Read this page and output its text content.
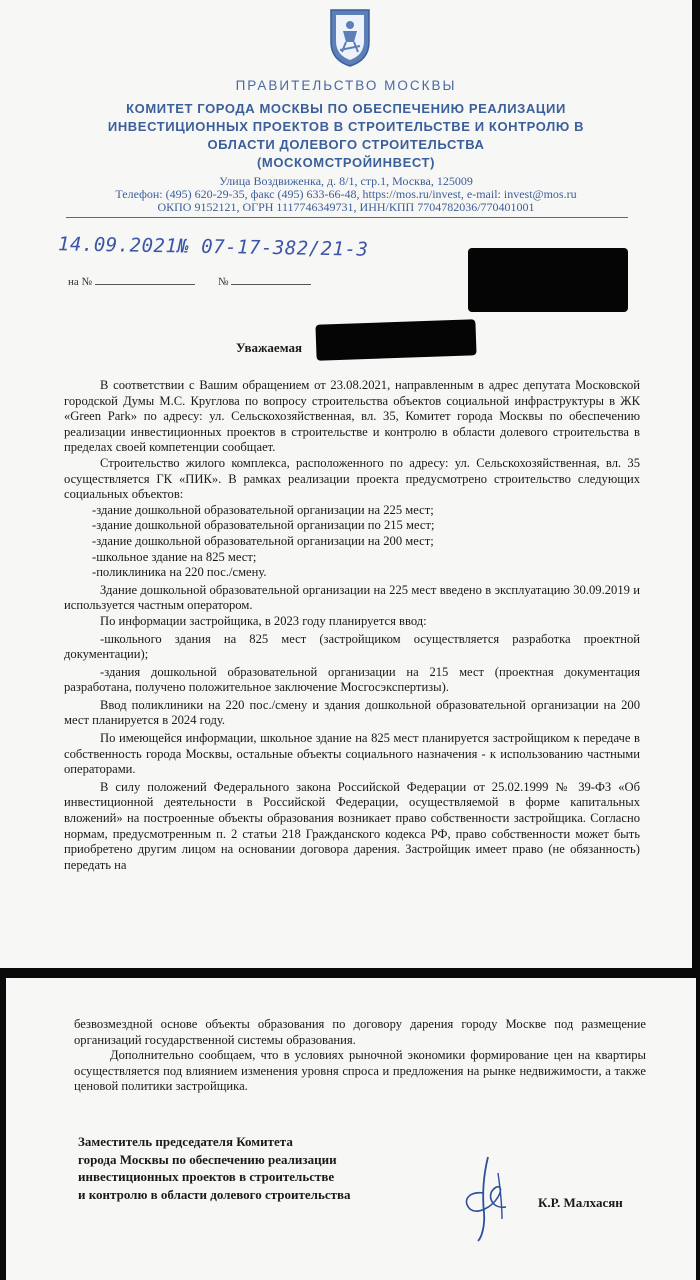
ПРАВИТЕЛЬСТВО МОСКВЫ
КОМИТЕТ ГОРОДА МОСКВЫ ПО ОБЕСПЕЧЕНИЮ РЕАЛИЗАЦИИ
ИНВЕСТИЦИОННЫХ ПРОЕКТОВ В СТРОИТЕЛЬСТВЕ И КОНТРОЛЮ В
ОБЛАСТИ ДОЛЕВОГО СТРОИТЕЛЬСТВА
(МОСКОМСТРОЙИНВЕСТ)
Улица Воздвиженка, д. 8/1, стр.1, Москва, 125009
Телефон: (495) 620-29-35, факс (495) 633-66-48, https://mos.ru/invest, e-mail: invest@mos.ru
ОКПО 9152121, ОГРН 1117746349731, ИНН/КПП 7704782036/770401001
14.09.2021№ 07-17-382/21-3
на №	№
Уважаемая

В соответствии с Вашим обращением от 23.08.2021, направленным в адрес депутата Московской городской Думы М.С. Круглова по вопросу строительства объектов социальной инфраструктуры в ЖК «Green Park» по адресу: ул. Сельскохозяйственная, вл. 35, Комитет города Москвы по обеспечению реализации инвестиционных проектов в строительстве и контролю в области долевого строительства в пределах своей компетенции сообщает.

Строительство жилого комплекса, расположенного по адресу: ул. Сельскохозяйственная, вл. 35 осуществляется ГК «ПИК». В рамках реализации проекта предусмотрено строительство следующих социальных объектов:

-здание дошкольной образовательной организации на 225 мест;

-здание дошкольной образовательной организации по 215 мест;

-здание дошкольной образовательной организации на 200 мест;

-школьное здание на 825 мест;

-поликлиника на 220 пос./смену.

Здание дошкольной образовательной организации на 225 мест введено в эксплуатацию 30.09.2019 и используется частным оператором.

По информации застройщика, в 2023 году планируется ввод:

-школьного здания на 825 мест (застройщиком осуществляется разработка проектной документации);

-здания дошкольной образовательной организации на 215 мест (проектная документация разработана, получено положительное заключение Мосгосэкспертизы).

Ввод поликлиники на 220 пос./смену и здания дошкольной образовательной организации на 200 мест планируется в 2024 году.

По имеющейся информации, школьное здание на 825 мест планируется застройщиком к передаче в собственность города Москвы, остальные объекты социального назначения - к использованию частными операторами.

В силу положений Федерального закона Российской Федерации от 25.02.1999 № 39-ФЗ «Об инвестиционной деятельности в Российской Федерации, осуществляемой в форме капитальных вложений» на построенные объекты образования возникает право собственности застройщика. Согласно нормам, предусмотренным п. 2 статьи 218 Гражданского кодекса РФ, право собственности может быть приобретено другим лицом на основании договора дарения. Застройщик имеет право (не обязанность) передать на

безвозмездной основе объекты образования по договору дарения городу Москве под размещение организаций государственной системы образования.

Дополнительно сообщаем, что в условиях рыночной экономики формирование цен на квартиры осуществляется под влиянием изменения уровня спроса и предложения на рынке недвижимости, а также ценовой политики застройщика.

Заместитель председателя Комитета
города Москвы по обеспечению реализации
инвестиционных проектов в строительстве
и контролю в области долевого строительства
К.Р. Малхасян
